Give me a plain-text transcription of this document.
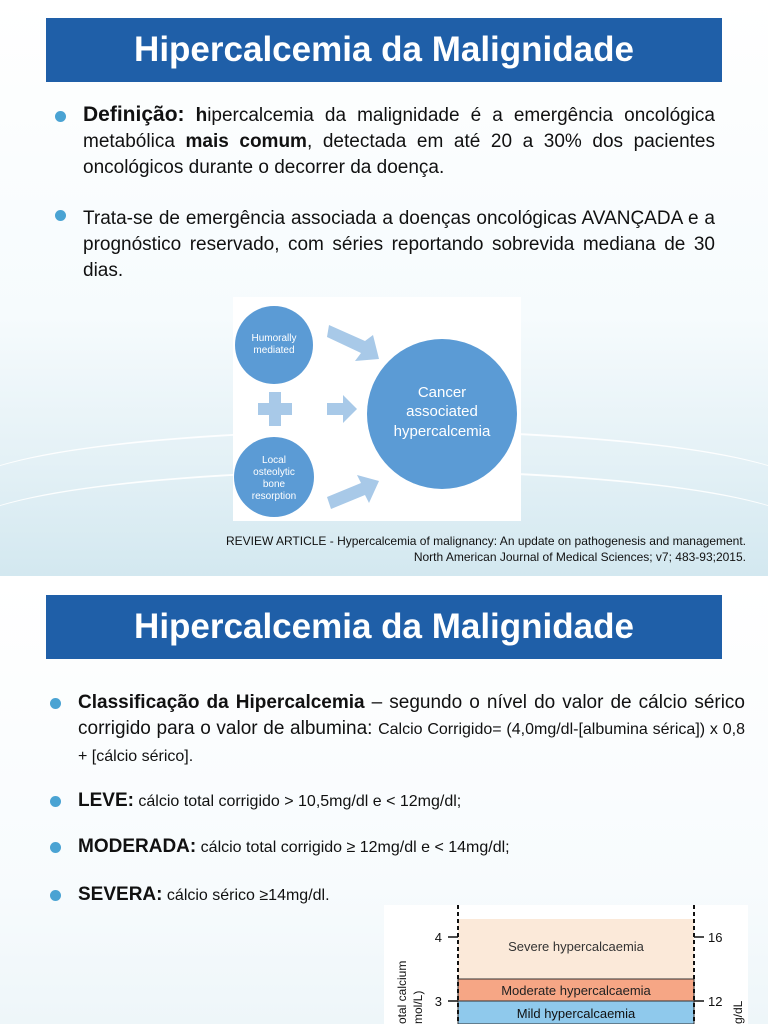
Hipercalcemia da Malignidade
Definição: hipercalcemia da malignidade é a emergência oncológica metabólica mais comum, detectada em até 20 a 30% dos pacientes oncológicos durante o decorrer da doença.
Trata-se de emergência associada a doenças oncológicas AVANÇADA e a prognóstico reservado, com séries reportando sobrevida mediana de 30 dias.
Humorally
mediated
Local
osteolytic
bone
resorption
Cancer
associated
hypercalcemia
REVIEW ARTICLE - Hypercalcemia of malignancy: An update on pathogenesis and management.
North American Journal of Medical Sciences; v7; 483-93;2015.
Hipercalcemia da Malignidade
Classificação da Hipercalcemia – segundo o nível do valor de cálcio sérico corrigido para o valor de albumina: Calcio Corrigido= (4,0mg/dl-[albumina sérica]) x 0,8 + [cálcio sérico].
LEVE: cálcio total corrigido > 10,5mg/dl e < 12mg/dl;
MODERADA: cálcio total corrigido ≥ 12mg/dl e < 14mg/dl;
SEVERA: cálcio sérico ≥14mg/dl.
Severe hypercalcaemia
Moderate hypercalcaemia
Mild hypercalcaemia
4
3
16
12
otal calcium mol/L)	g/dL
